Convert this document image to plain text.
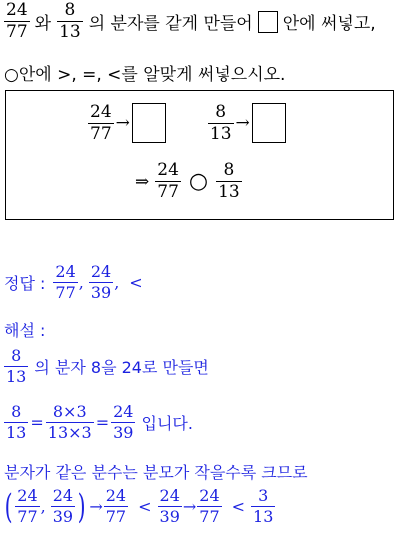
$\frac{24}{77}$ 와 $\frac{8}{13}$ 의 분자를 같게 만들어 안에 써넣고,
○안에 >, =, <를 알맞게 써넣으시오.
$\frac{24}{77}$ →	$\frac{8}{13}$ →
⇒ $\frac{24}{77}$ ○ $\frac{8}{13}$
정답 : $\frac{24}{77}$ , $\frac{24}{39}$ , <
해설 :
$\frac{8}{13}$ 의 분자 8을 24로 만들면
$\frac{8}{13} = \frac{8\times 3}{13\times 3} = \frac{24}{39}$ 입니다.
분자가 같은 분수는 분모가 작을수록 크므로
( $\frac{24}{77}$ , $\frac{24}{39}$ ) → $\frac{24}{77} < \frac{24}{39} \to \frac{24}{77} < \frac{3}{13}$
